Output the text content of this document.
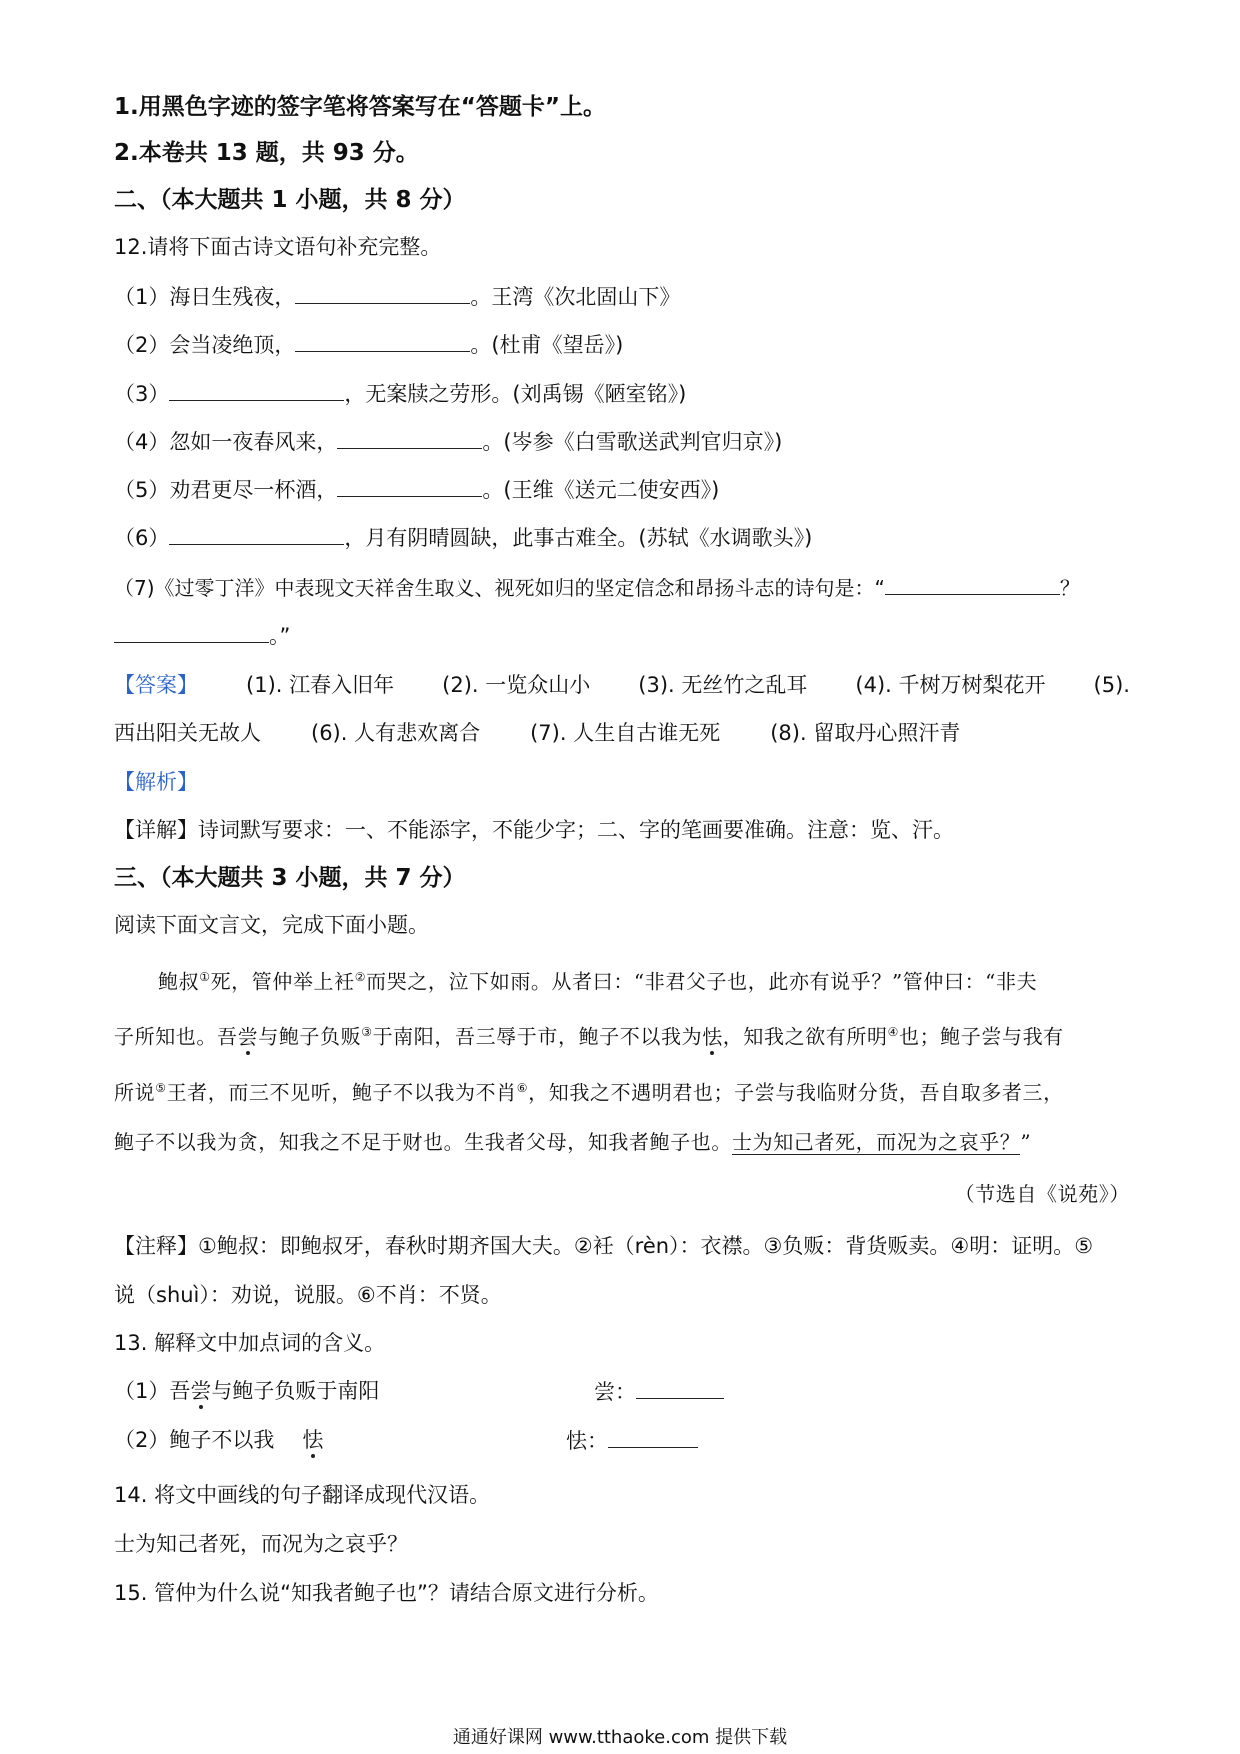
1.用黑色字迹的签字笔将答案写在“答题卡”上。
2.本卷共 13 题，共 93 分。
二、（本大题共 1 小题，共 8 分）
12.请将下面古诗文语句补充完整。
（1）海日生残夜，	。王湾《次北固山下》
（2）会当凌绝顶，	。(杜甫《望岳》)
（3）	，无案牍之劳形。(刘禹锡《陋室铭》)
（4）忽如一夜春风来，	。(岑参《白雪歌送武判官归京》)
（5）劝君更尽一杯酒，	。(王维《送元二使安西》)
（6）	，月有阴晴圆缺，此事古难全。(苏轼《水调歌头》)
（7)《过零丁洋》中表现文天祥舍生取义、视死如归的坚定信念和昂扬斗志的诗句是：“	？
。”
【答案】 (1). 江春入旧年 (2). 一览众山小 (3). 无丝竹之乱耳 (4). 千树万树梨花开 (5).
西出阳关无故人 (6). 人有悲欢离合 (7). 人生自古谁无死 (8). 留取丹心照汗青
【解析】
【详解】诗词默写要求：一、不能添字，不能少字；二、字的笔画要准确。注意：览、汗。
三、（本大题共 3 小题，共 7 分）
阅读下面文言文，完成下面小题。
鲍叔①死，管仲举上衽②而哭之，泣下如雨。从者曰：“非君父子也，此亦有说乎？”管仲曰：“非夫
子所知也。吾尝与鲍子负贩③于南阳，吾三辱于市，鲍子不以我为怯，知我之欲有所明④也；鲍子尝与我有
所说⑤王者，而三不见听，鲍子不以我为不肖⑥，知我之不遇明君也；子尝与我临财分货，吾自取多者三，
鲍子不以我为贪，知我之不足于财也。生我者父母，知我者鲍子也。士为知己者死，而况为之哀乎？”
（节选自《说苑》）
【注释】①鲍叔：即鲍叔牙，春秋时期齐国大夫。②衽（rèn）：衣襟。③负贩：背货贩卖。④明：证明。⑤
说（shuì）：劝说，说服。⑥不肖：不贤。
13. 解释文中加点词的含义。
（1）吾尝与鲍子负贩于南阳	尝：
（2）鲍子不以我 怯	怯：
14. 将文中画线的句子翻译成现代汉语。
士为知己者死，而况为之哀乎？
15. 管仲为什么说“知我者鲍子也”？请结合原文进行分析。
通通好课网 www.tthaoke.com 提供下载
